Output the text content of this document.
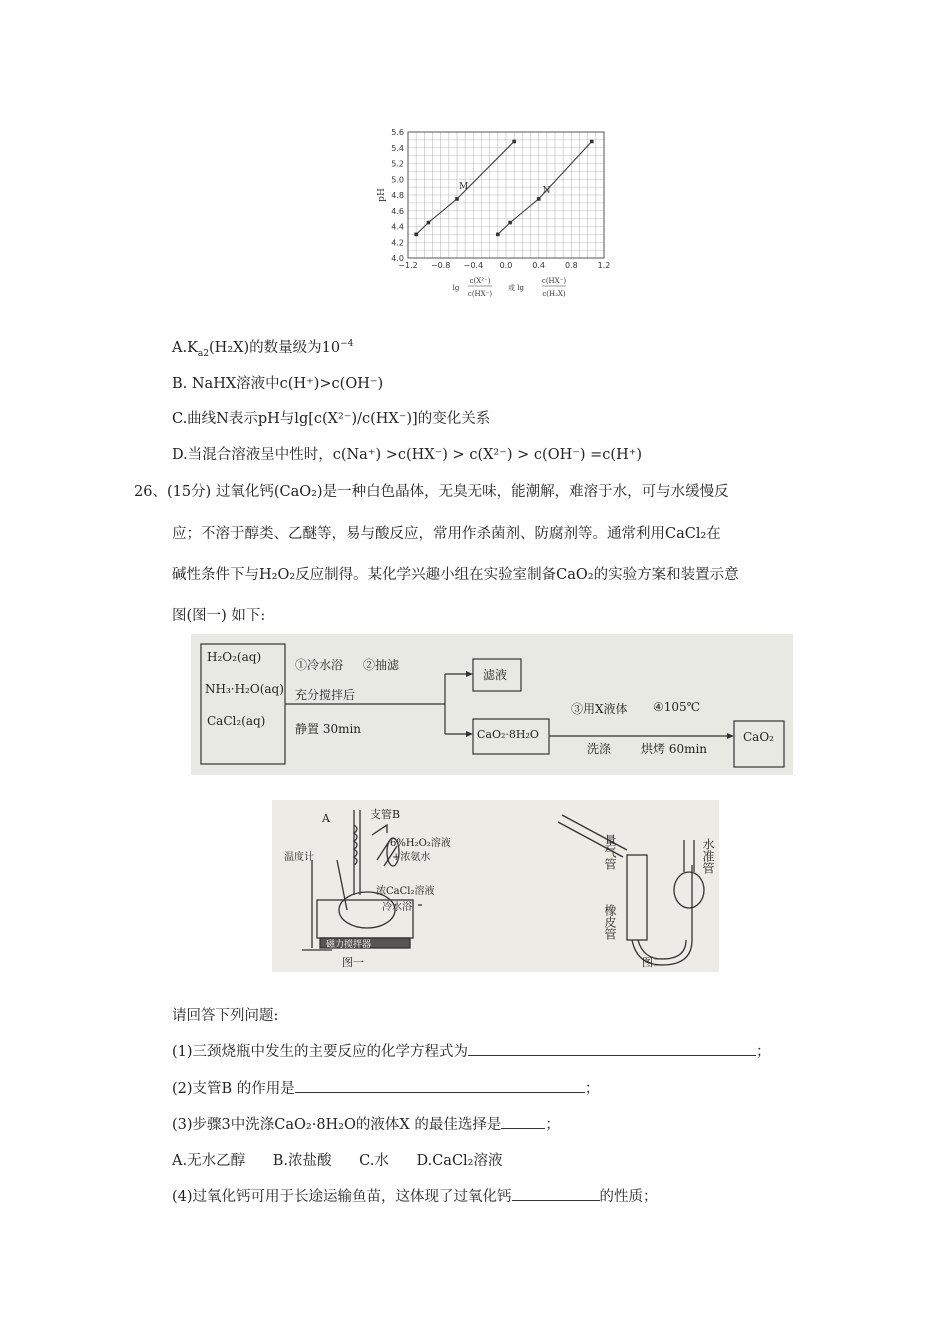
4.0
4.2
4.4
4.6
4.8
5.0
5.2
5.4
5.6
−1.2 −0.8 −0.4 0.0 0.4 0.8 1.2
pH
lg
c(X²⁻)
c(HX⁻)
或 lg
c(HX⁻)
c(H₂X)
M	N
$A.K_{a2}(H_2X)$的数量级为$10^{-4}$
B. NaHX溶液中c(H⁺)>c(OH⁻)
C.曲线N表示pH与lg[c(X²⁻)/c(HX⁻)]的变化关系
D.当混合溶液呈中性时，c(Na⁺) >c(HX⁻) > c(X²⁻) > c(OH⁻) =c(H⁺)
26、(15分) 过氧化钙(CaO₂)是一种白色晶体，无臭无味，能潮解，难溶于水，可与水缓慢反
应；不溶于醇类、乙醚等，易与酸反应，常用作杀菌剂、防腐剂等。通常利用CaCl₂在
碱性条件下与H₂O₂反应制得。某化学兴趣小组在实验室制备CaO₂的实验方案和装置示意
图(图一) 如下:
H₂O₂(aq)
NH₃·H₂O(aq)
CaCl₂(aq)
①冷水浴
充分搅拌后
静置 30min
②抽滤
滤液
CaO₂·8H₂O
③用X液体
洗涤
④105℃
烘烤 60min
CaO₂
A	支管B
温度计
6%H₂O₂溶液
+浓氨水
浓CaCl₂溶液
冷水浴
磁力搅拌器
图一
量气管	水准管
橡皮管
图二
请回答下列问题:
(1)三颈烧瓶中发生的主要反应的化学方程式为	；
(2)支管B 的作用是	；
(3)步骤3中洗涤CaO₂·8H₂O的液体X 的最佳选择是	；
A.无水乙醇      B.浓盐酸      C.水      D.CaCl₂溶液
(4)过氧化钙可用于长途运输鱼苗，这体现了过氧化钙	的性质；
